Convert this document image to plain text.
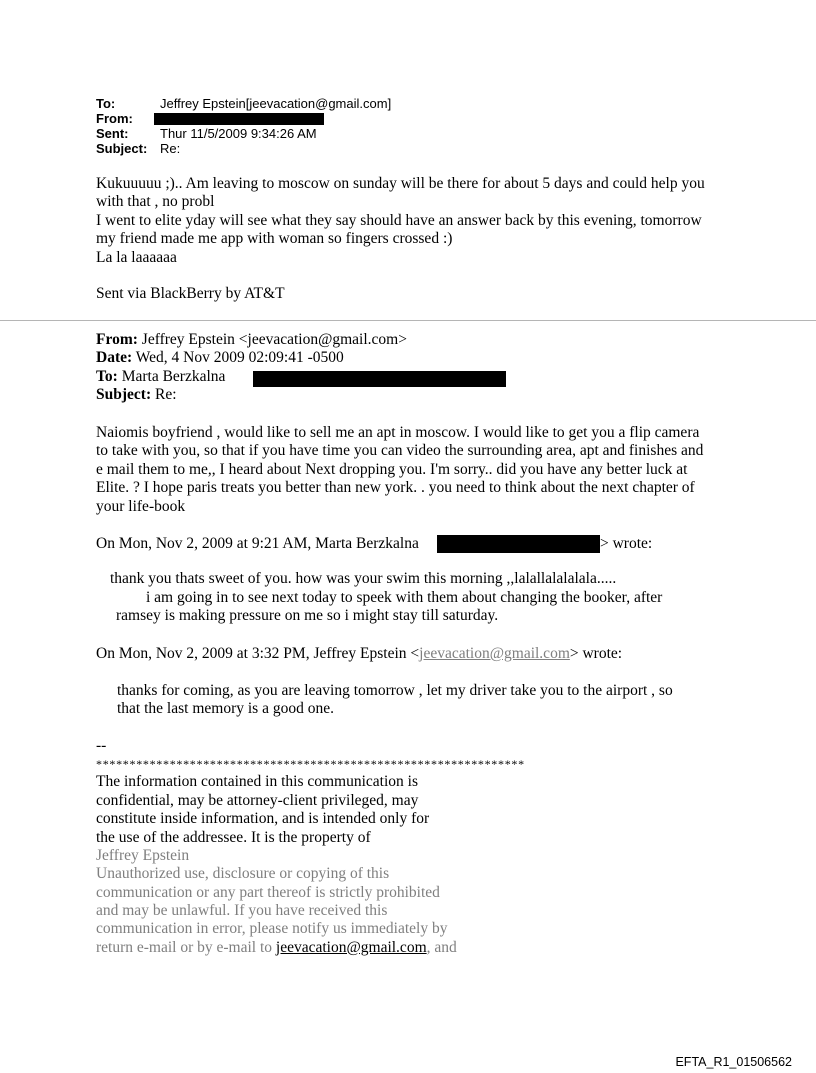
To:	Jeffrey Epstein[jeevacation@gmail.com]
From:
Sent:	Thur 11/5/2009 9:34:26 AM
Subject: Re:
Kukuuuuu ;).. Am leaving to moscow on sunday will be there for about 5 days and could help you
with that , no probl
I went to elite yday will see what they say should have an answer back by this evening, tomorrow
my friend made me app with woman so fingers crossed :)
La la laaaaaa
Sent via BlackBerry by AT&T
From: Jeffrey Epstein <jeevacation@gmail.com>
Date: Wed, 4 Nov 2009 02:09:41 -0500
To: Marta Berzkalna
Subject: Re:
Naiomis boyfriend , would like to sell me an apt in moscow. I would like to get you a flip camera
to take with you, so that if you have time you can video the surrounding area, apt and finishes and
e mail them to me,, I heard about Next dropping you. I'm sorry.. did you have any better luck at
Elite. ? I hope paris treats you better than new york. . you need to think about the next chapter of
your life-book
On Mon, Nov 2, 2009 at 9:21 AM, Marta Berzkalna	> wrote:
thank you thats sweet of you. how was your swim this morning ,,lalallalalalala.....
i am going in to see next today to speek with them about changing the booker, after
ramsey is making pressure on me so i might stay till saturday.
On Mon, Nov 2, 2009 at 3:32 PM, Jeffrey Epstein <jeevacation@gmail.com> wrote:
thanks for coming, as you are leaving tomorrow , let my driver take you to the airport , so
that the last memory is a good one.
--
****************************************************************
The information contained in this communication is
confidential, may be attorney-client privileged, may
constitute inside information, and is intended only for
the use of the addressee. It is the property of
Jeffrey Epstein
Unauthorized use, disclosure or copying of this
communication or any part thereof is strictly prohibited
and may be unlawful. If you have received this
communication in error, please notify us immediately by
return e-mail or by e-mail to jeevacation@gmail.com, and
EFTA_R1_01506562
